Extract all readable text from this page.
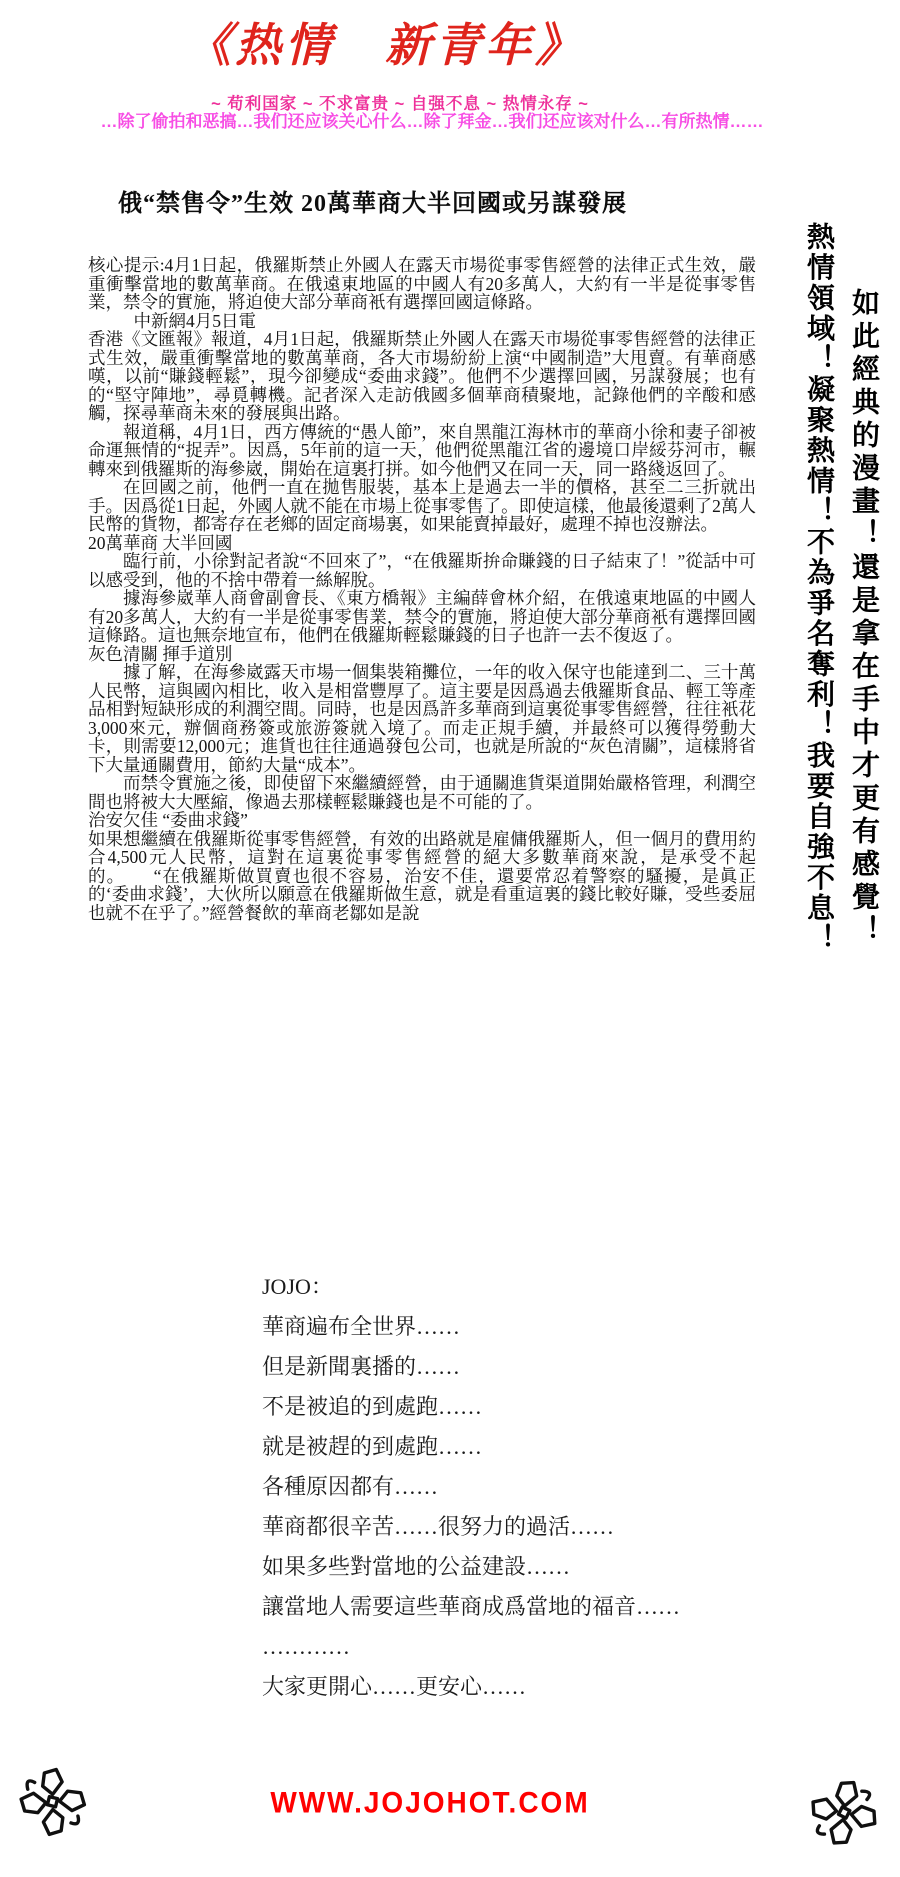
《热情　新青年》
~ 苟利国家 ~ 不求富贵 ~ 自强不息 ~ 热情永存 ~
…除了偷拍和恶搞…我们还应该关心什么…除了拜金…我们还应该对什么…有所热情……
俄“禁售令”生效 20萬華商大半回國或另謀發展

核心提示:4月1日起，俄羅斯禁止外國人在露天市場從事零售經營的法律正式生效，嚴重衝擊當地的數萬華商。在俄遠東地區的中國人有20多萬人，大約有一半是從事零售業，禁令的實施，將迫使大部分華商衹有選擇回國這條路。

中新網4月5日電

香港《文匯報》報道，4月1日起，俄羅斯禁止外國人在露天市場從事零售經營的法律正式生效，嚴重衝擊當地的數萬華商，各大市場紛紛上演“中國制造”大甩賣。有華商感嘆，以前“賺錢輕鬆”，現今卻變成“委曲求錢”。他們不少選擇回國，另謀發展；也有的“堅守陣地”，尋覓轉機。記者深入走訪俄國多個華商積聚地，記錄他們的辛酸和感觸，探尋華商未來的發展與出路。

報道稱，4月1日，西方傳統的“愚人節”，來自黑龍江海林市的華商小徐和妻子卻被命運無情的“捉弄”。因爲，5年前的這一天，他們從黑龍江省的邊境口岸綏芬河市，輾轉來到俄羅斯的海參崴，開始在這裏打拼。如今他們又在同一天，同一路綫返回了。

在回國之前，他們一直在拋售服裝，基本上是過去一半的價格，甚至二三折就出手。因爲從1日起，外國人就不能在市場上從事零售了。即使這樣，他最後還剩了2萬人民幣的貨物，都寄存在老鄉的固定商場裏，如果能賣掉最好，處理不掉也沒辦法。

20萬華商 大半回國

臨行前，小徐對記者說“不回來了”，“在俄羅斯拚命賺錢的日子結束了！”從話中可以感受到，他的不捨中帶着一絲解脫。

據海參崴華人商會副會長、《東方橋報》主編薛會林介紹，在俄遠東地區的中國人有20多萬人，大約有一半是從事零售業，禁令的實施，將迫使大部分華商衹有選擇回國這條路。這也無奈地宣布，他們在俄羅斯輕鬆賺錢的日子也許一去不復返了。

灰色清關 揮手道別

據了解，在海參崴露天市場一個集裝箱攤位，一年的收入保守也能達到二、三十萬人民幣，這與國內相比，收入是相當豐厚了。這主要是因爲過去俄羅斯食品、輕工等產品相對短缺形成的利潤空間。同時，也是因爲許多華商到這裏從事零售經營，往往衹花3,000來元，辦個商務簽或旅游簽就入境了。而走正規手續，并最終可以獲得勞動大卡，則需要12,000元；進貨也往往通過發包公司，也就是所說的“灰色清關”，這樣將省下大量通關費用，節約大量“成本”。

而禁令實施之後，即使留下來繼續經營，由于通關進貨渠道開始嚴格管理，利潤空間也將被大大壓縮，像過去那樣輕鬆賺錢也是不可能的了。

治安欠佳 “委曲求錢”

如果想繼續在俄羅斯從事零售經營，有效的出路就是雇傭俄羅斯人，但一個月的費用約合4,500元人民幣，這對在這裏從事零售經營的絕大多數華商來說，是承受不起的。　　“在俄羅斯做買賣也很不容易，治安不佳，還要常忍着警察的騷擾，是眞正的‘委曲求錢’，大伙所以願意在俄羅斯做生意，就是看重這裏的錢比較好賺，受些委屈也就不在乎了。”經營餐飲的華商老鄒如是說	如此經典的漫畫！還是拿在手中才更有感覺！
熱情領域！凝聚熱情！不為爭名奪利！我要自強不息！
JOJO：
華商遍布全世界……
但是新聞裏播的……
不是被追的到處跑……
就是被趕的到處跑……
各種原因都有……
華商都很辛苦……很努力的過活……
如果多些對當地的公益建設……
讓當地人需要這些華商成爲當地的福音……
…………
大家更開心……更安心……
WWW.JOJOHOT.COM
